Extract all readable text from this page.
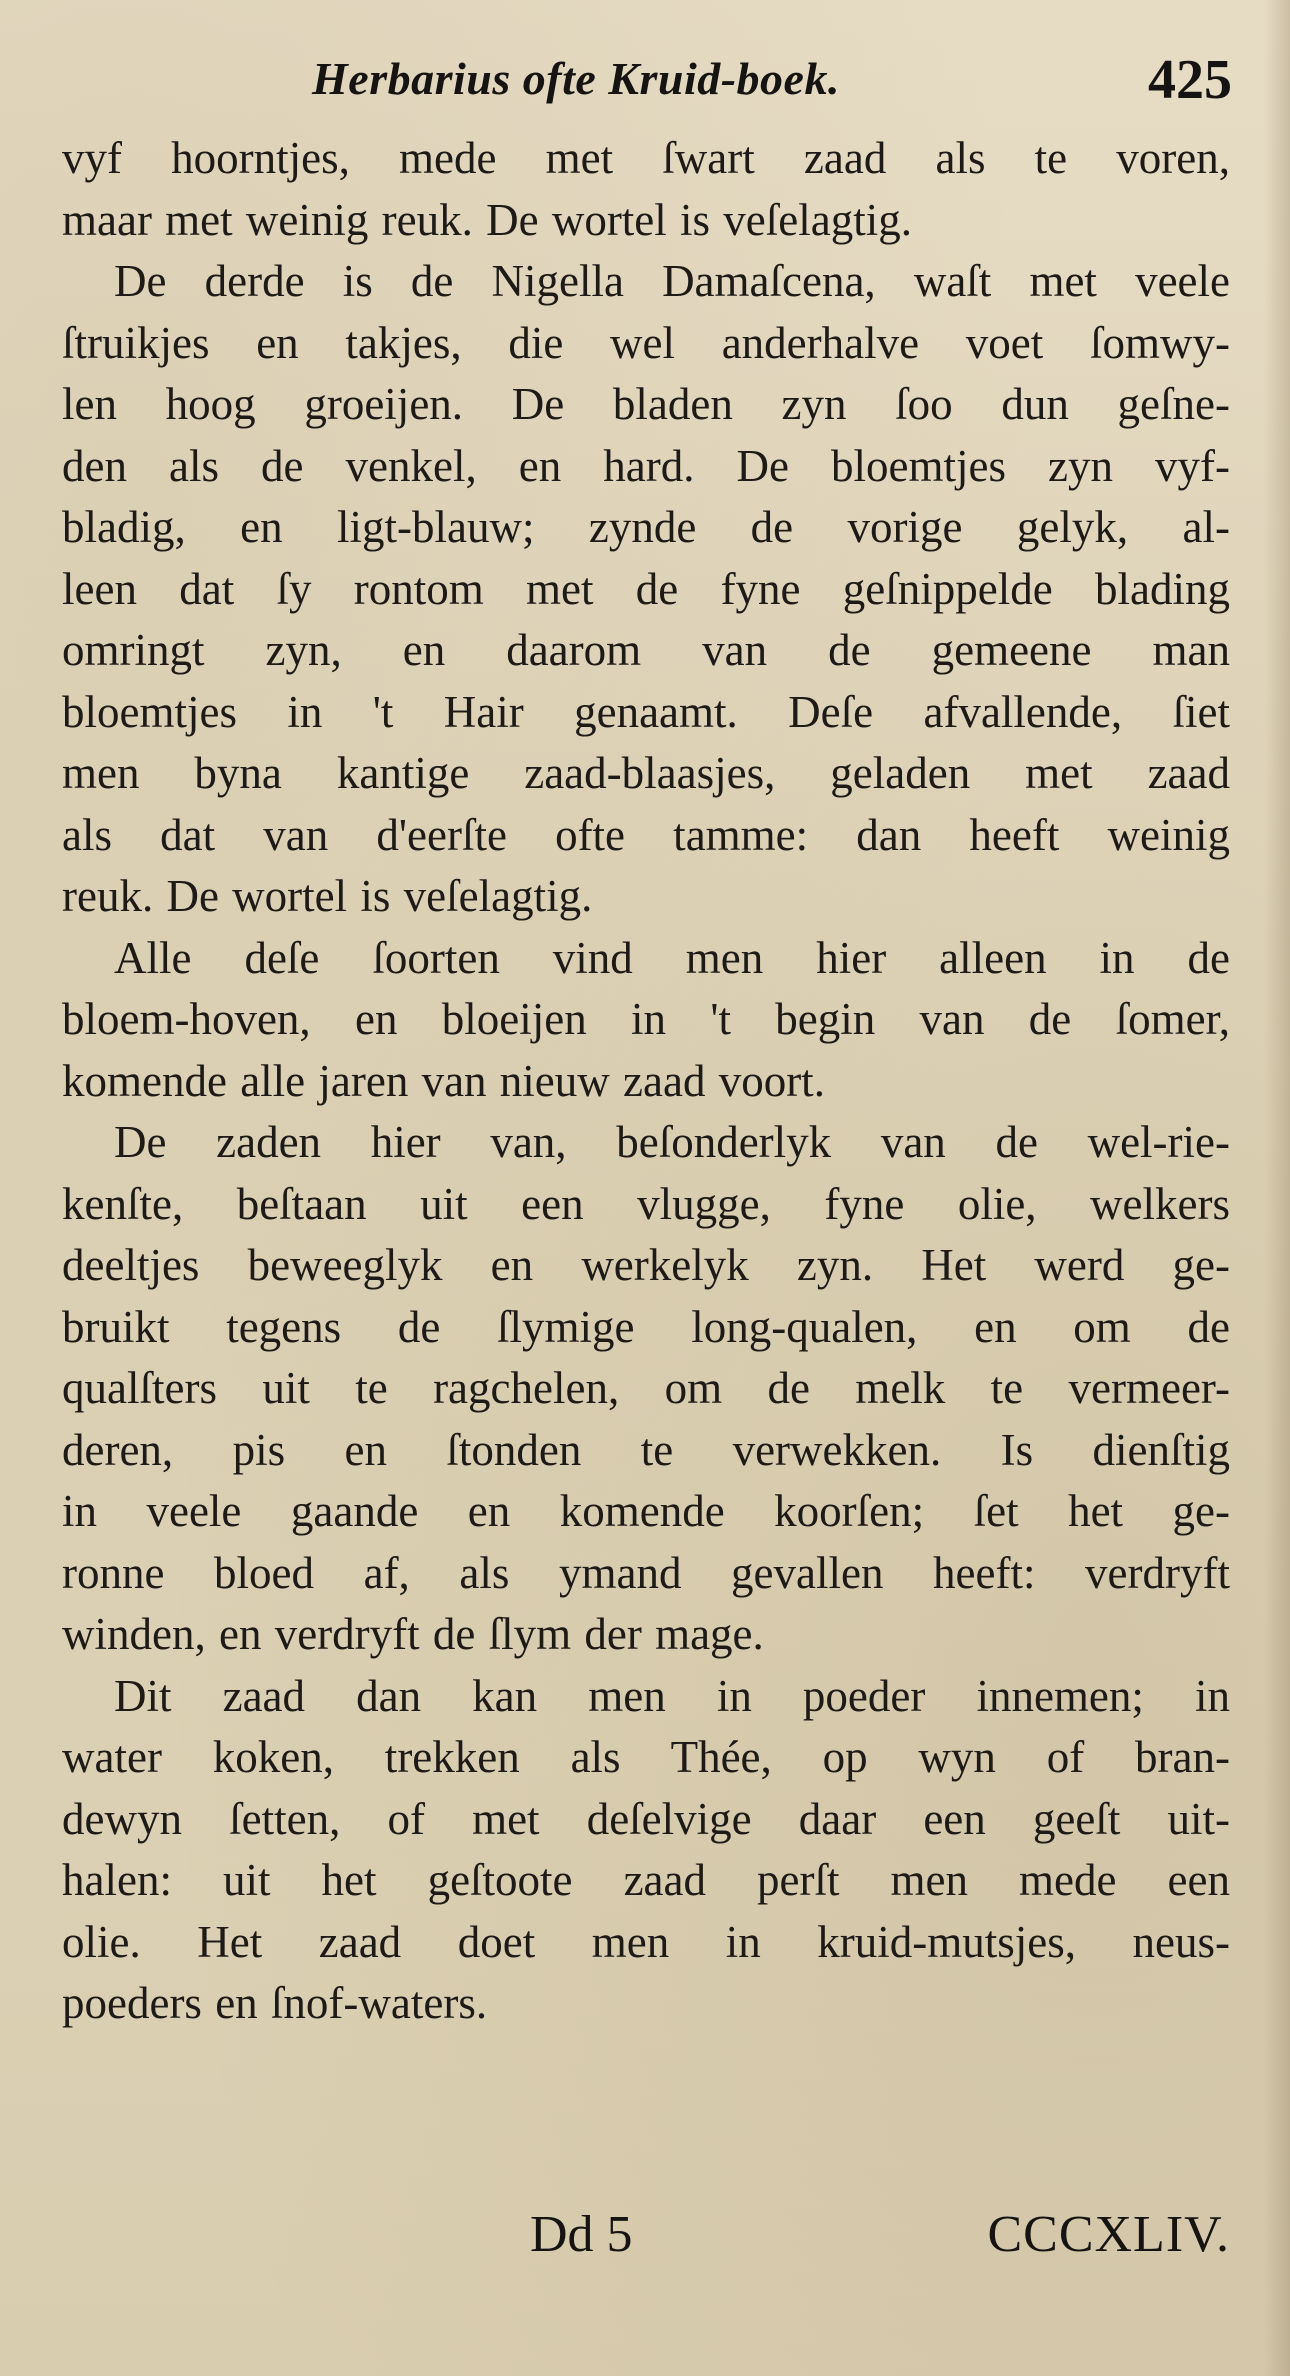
Herbarius ofte Kruid-boek.	425

vyf hoorntjes, mede met ſwart zaad als te voren,
maar met weinig reuk. De wortel is veſelagtig.

De derde is de Nigella Damaſcena, waſt met veele
ſtruikjes en takjes, die wel anderhalve voet ſomwy-
len hoog groeijen. De bladen zyn ſoo dun geſne-
den als de venkel, en hard. De bloemtjes zyn vyf-
bladig, en ligt-blauw; zynde de vorige gelyk, al-
leen dat ſy rontom met de fyne geſnippelde blading
omringt zyn, en daarom van de gemeene man
bloemtjes in 't Hair genaamt. Deſe afvallende, ſiet
men byna kantige zaad-blaasjes, geladen met zaad
als dat van d'eerſte ofte tamme: dan heeft weinig
reuk. De wortel is veſelagtig.

Alle deſe ſoorten vind men hier alleen in de
bloem-hoven, en bloeijen in 't begin van de ſomer,
komende alle jaren van nieuw zaad voort.

De zaden hier van, beſonderlyk van de wel-rie-
kenſte, beſtaan uit een vlugge, fyne olie, welkers
deeltjes beweeglyk en werkelyk zyn. Het werd ge-
bruikt tegens de ſlymige long-qualen, en om de
qualſters uit te ragchelen, om de melk te vermeer-
deren, pis en ſtonden te verwekken. Is dienſtig
in veele gaande en komende koorſen; ſet het ge-
ronne bloed af, als ymand gevallen heeft: verdryft
winden, en verdryft de ſlym der mage.

Dit zaad dan kan men in poeder innemen; in
water koken, trekken als Thée, op wyn of bran-
dewyn ſetten, of met deſelvige daar een geeſt uit-
halen: uit het geſtoote zaad perſt men mede een
olie. Het zaad doet men in kruid-mutsjes, neus-
poeders en ſnof-waters.

Dd 5	CCCXLIV.
